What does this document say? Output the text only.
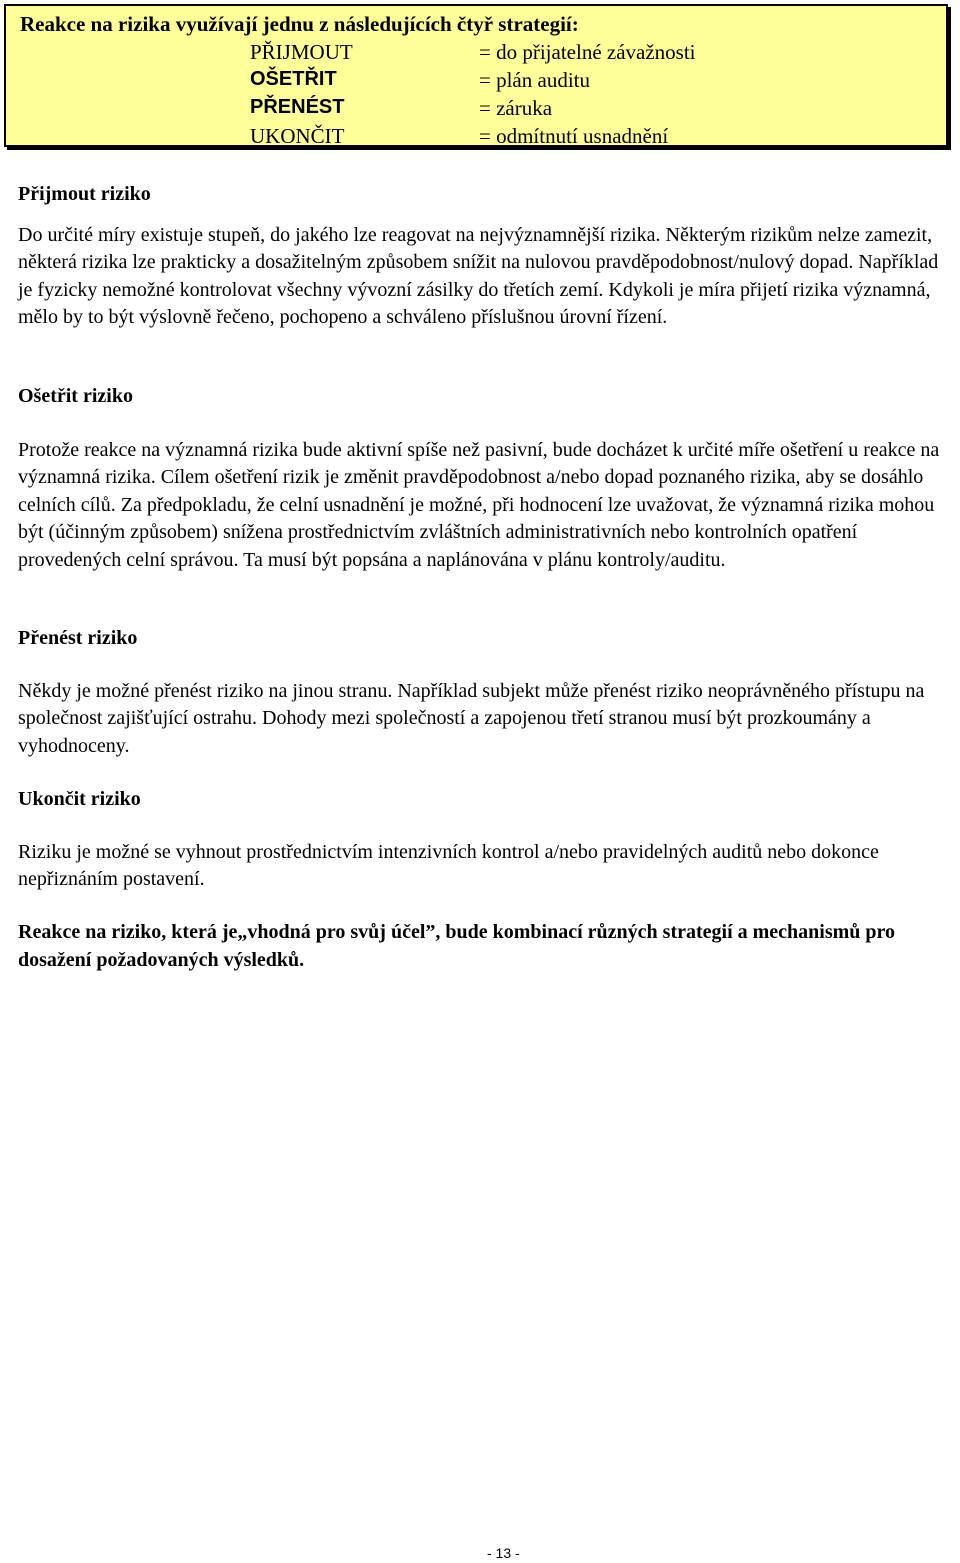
Reakce na rizika využívají jednu z následujících čtyř strategií:
PŘIJMOUT	= do přijatelné závažnosti
OŠETŘIT	= plán auditu
PŘENÉST	= záruka
UKONČIT	= odmítnutí usnadnění
Přijmout riziko
Do určité míry existuje stupeň, do jakého lze reagovat na nejvýznamnější rizika. Některým rizikům nelze zamezit, některá rizika lze prakticky a dosažitelným způsobem snížit na nulovou pravděpodobnost/nulový dopad. Například je fyzicky nemožné kontrolovat všechny vývozní zásilky do třetích zemí. Kdykoli je míra přijetí rizika významná, mělo by to být výslovně řečeno, pochopeno a schváleno příslušnou úrovní řízení.
Ošetřit riziko
Protože reakce na významná rizika bude aktivní spíše než pasivní, bude docházet k určité míře ošetření u reakce na významná rizika. Cílem ošetření rizik je změnit pravděpodobnost a/nebo dopad poznaného rizika, aby se dosáhlo celních cílů. Za předpokladu, že celní usnadnění je možné, při hodnocení lze uvažovat, že významná rizika mohou být (účinným způsobem) snížena prostřednictvím zvláštních administrativních nebo kontrolních opatření provedených celní správou. Ta musí být popsána a naplánována v plánu kontroly/auditu.
Přenést riziko
Někdy je možné přenést riziko na jinou stranu. Například subjekt může přenést riziko neoprávněného přístupu na společnost zajišťující ostrahu. Dohody mezi společností a zapojenou třetí stranou musí být prozkoumány a vyhodnoceny.
Ukončit riziko
Riziku je možné se vyhnout prostřednictvím intenzivních kontrol a/nebo pravidelných auditů nebo dokonce nepřiznáním postavení.
Reakce na riziko, která je„vhodná pro svůj účel”, bude kombinací různých strategií a mechanismů pro dosažení požadovaných výsledků.
- 13 -
